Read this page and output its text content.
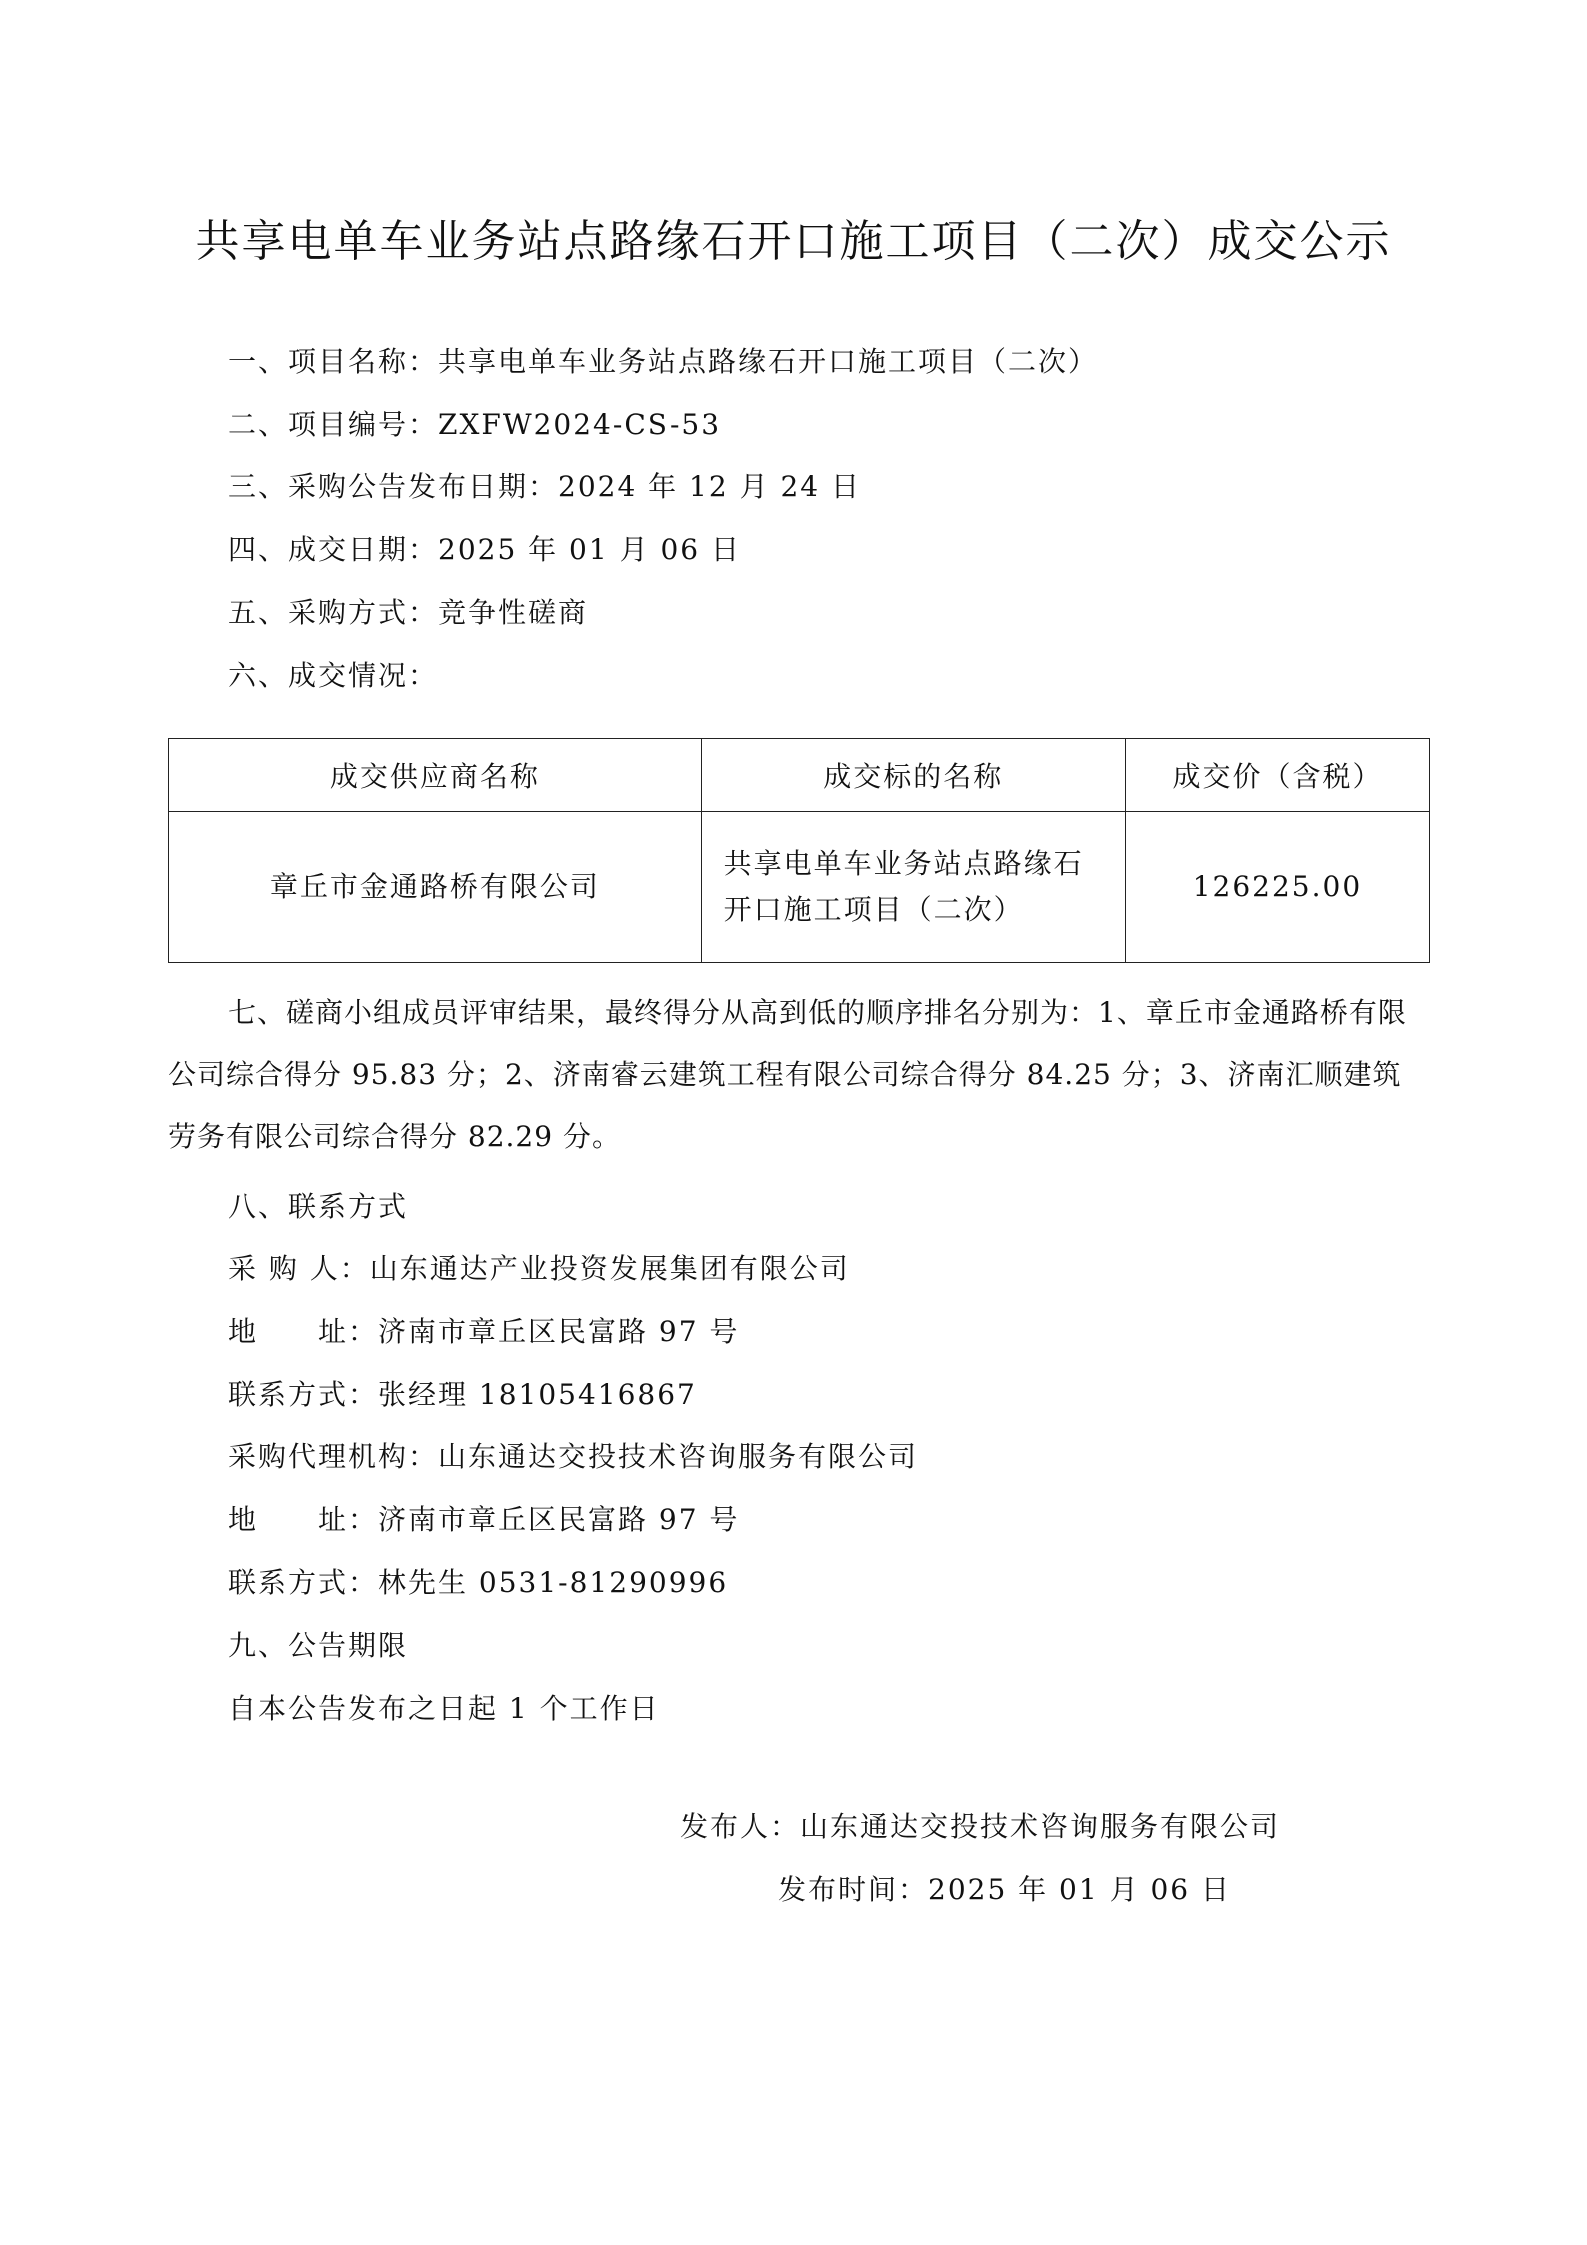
共享电单车业务站点路缘石开口施工项目（二次）成交公示
一、项目名称：共享电单车业务站点路缘石开口施工项目（二次）
二、项目编号：ZXFW2024-CS-53
三、采购公告发布日期：2024 年 12 月 24 日
四、成交日期：2025 年 01 月 06 日
五、采购方式：竞争性磋商
六、成交情况：
成交供应商名称	成交标的名称	成交价（含税）
章丘市金通路桥有限公司	共享电单车业务站点路缘石开口施工项目（二次）	126225.00
七、磋商小组成员评审结果，最终得分从高到低的顺序排名分别为：1、章丘市金通路桥有限公司综合得分 95.83 分；2、济南睿云建筑工程有限公司综合得分 84.25 分；3、济南汇顺建筑劳务有限公司综合得分 82.29 分。
八、联系方式
采 购 人：山东通达产业投资发展集团有限公司
地　　址：济南市章丘区民富路 97 号
联系方式：张经理 18105416867
采购代理机构：山东通达交投技术咨询服务有限公司
地　　址：济南市章丘区民富路 97 号
联系方式：林先生 0531-81290996
九、公告期限
自本公告发布之日起 1 个工作日
发布人：山东通达交投技术咨询服务有限公司
发布时间：2025 年 01 月 06 日
